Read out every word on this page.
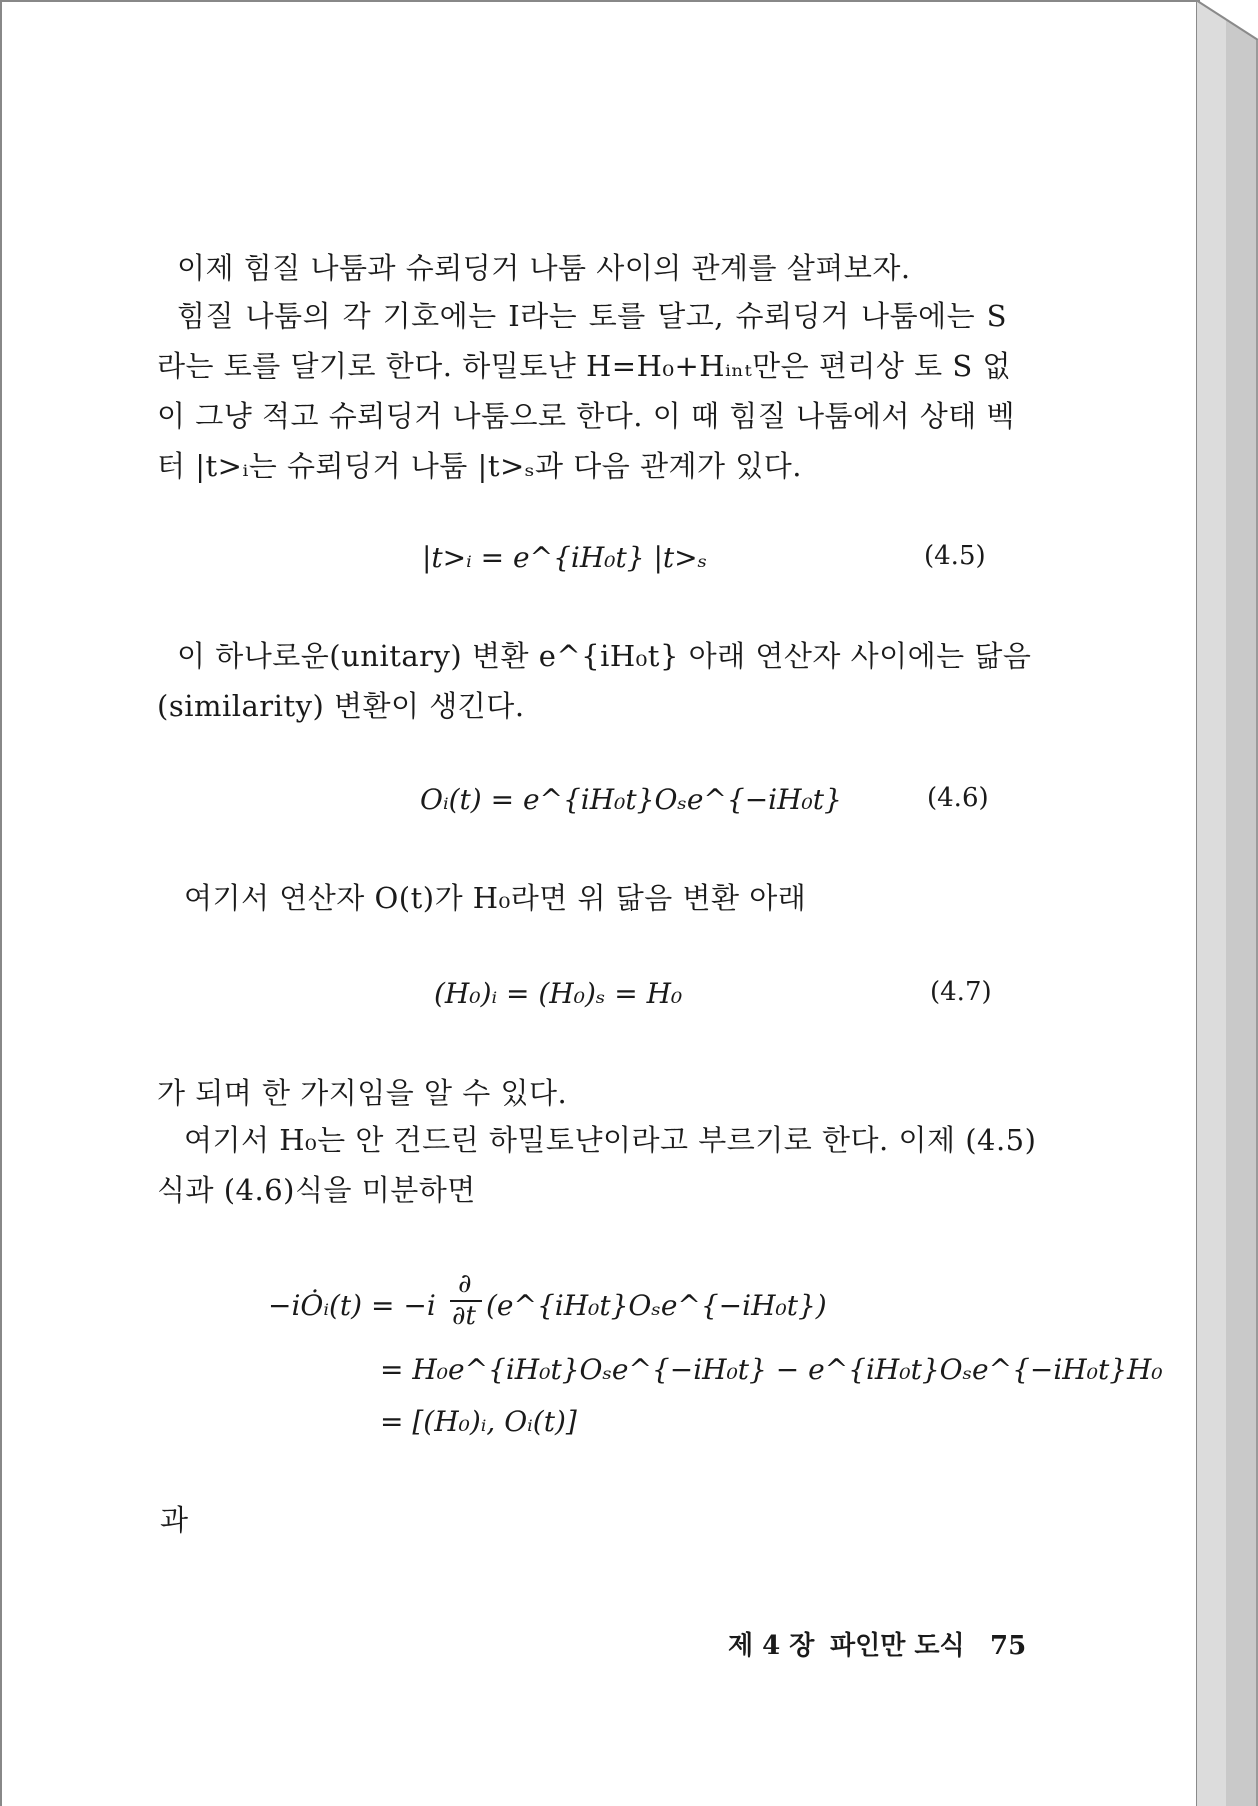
이제 힘질 나툼과 슈뢰딩거 나툼 사이의 관계를 살펴보자.
힘질 나툼의 각 기호에는 I라는 토를 달고, 슈뢰딩거 나툼에는 S
라는 토를 달기로 한다. 하밀토냔 H=H₀+Hᵢₙₜ만은 편리상 토 S 없
이 그냥 적고 슈뢰딩거 나툼으로 한다. 이 때 힘질 나툼에서 상태 벡
터 |t>ᵢ는 슈뢰딩거 나툼 |t>ₛ과 다음 관계가 있다.
|t>ᵢ = e^{iH₀t} |t>ₛ	(4.5)
이 하나로운(unitary) 변환 e^{iH₀t} 아래 연산자 사이에는 닮음
(similarity) 변환이 생긴다.
Oᵢ(t) = e^{iH₀t}Oₛe^{−iH₀t}	(4.6)
여기서 연산자 O(t)가 H₀라면 위 닮음 변환 아래
(H₀)ᵢ = (H₀)ₛ = H₀	(4.7)
가 되며 한 가지임을 알 수 있다.
여기서 H₀는 안 건드린 하밀토냔이라고 부르기로 한다. 이제 (4.5)
식과 (4.6)식을 미분하면
−iȮᵢ(t) = −i
∂
∂t (e^{iH₀t}Oₛe^{−iH₀t})
= H₀e^{iH₀t}Oₛe^{−iH₀t} − e^{iH₀t}Oₛe^{−iH₀t}H₀
= [(H₀)ᵢ, Oᵢ(t)]
과
제 4 장 파인만 도식 75
